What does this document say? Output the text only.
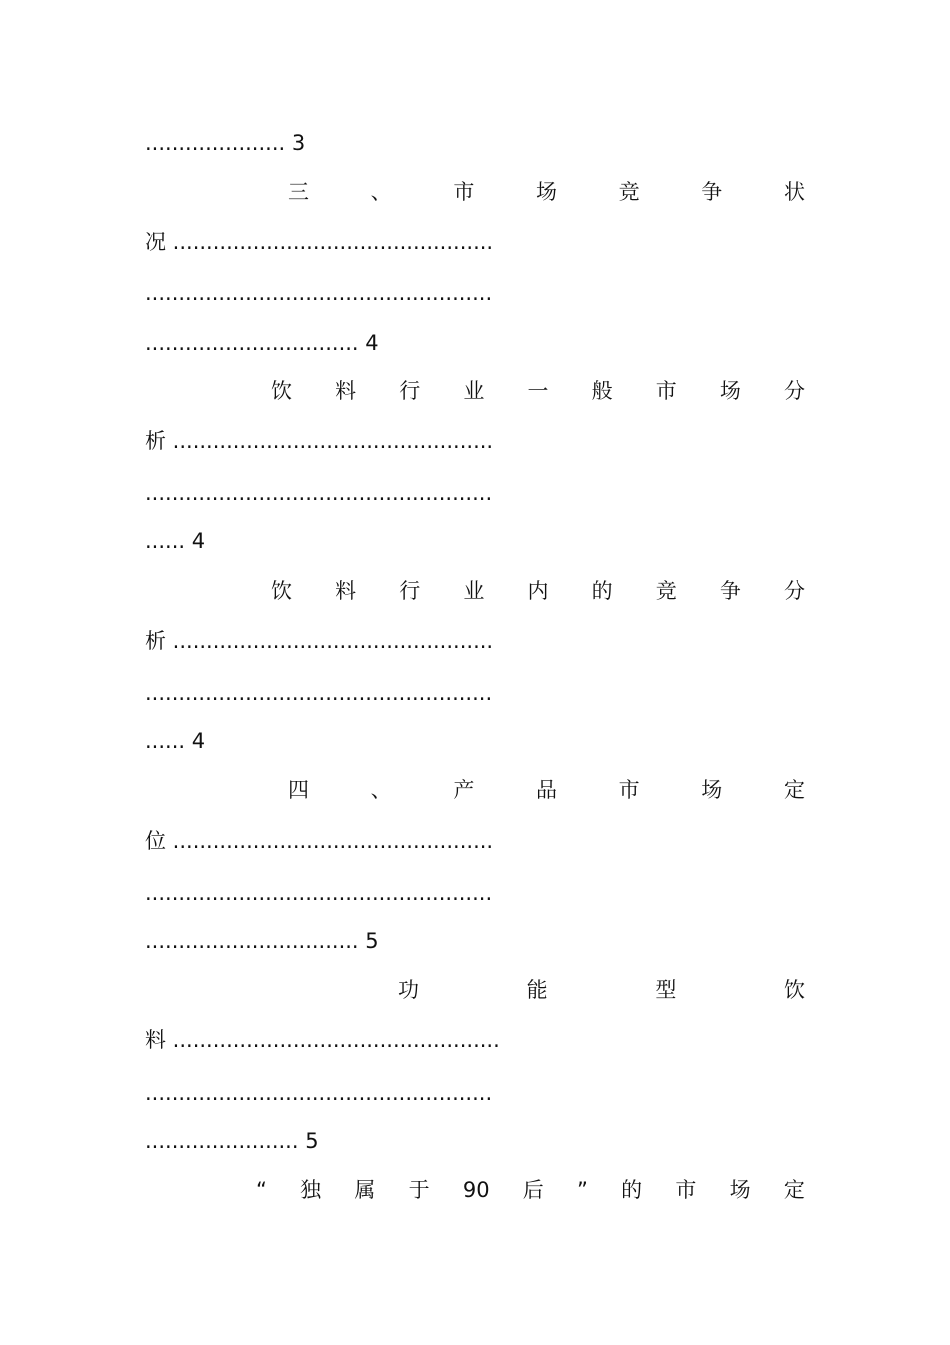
..................... 3
三	、	市	场	竞	争	状
况 ................................................
....................................................
................................ 4
饮 料 行 业 一 般 市 场 分
析 ................................................
....................................................
...... 4
饮 料 行 业 内 的 竞 争 分
析 ................................................
....................................................
...... 4
四	、	产	品	市	场	定
位 ................................................
....................................................
................................ 5
功	能	型	饮
料 .................................................
....................................................
....................... 5
“ 独 属 于 90 后 ” 的 市 场 定
